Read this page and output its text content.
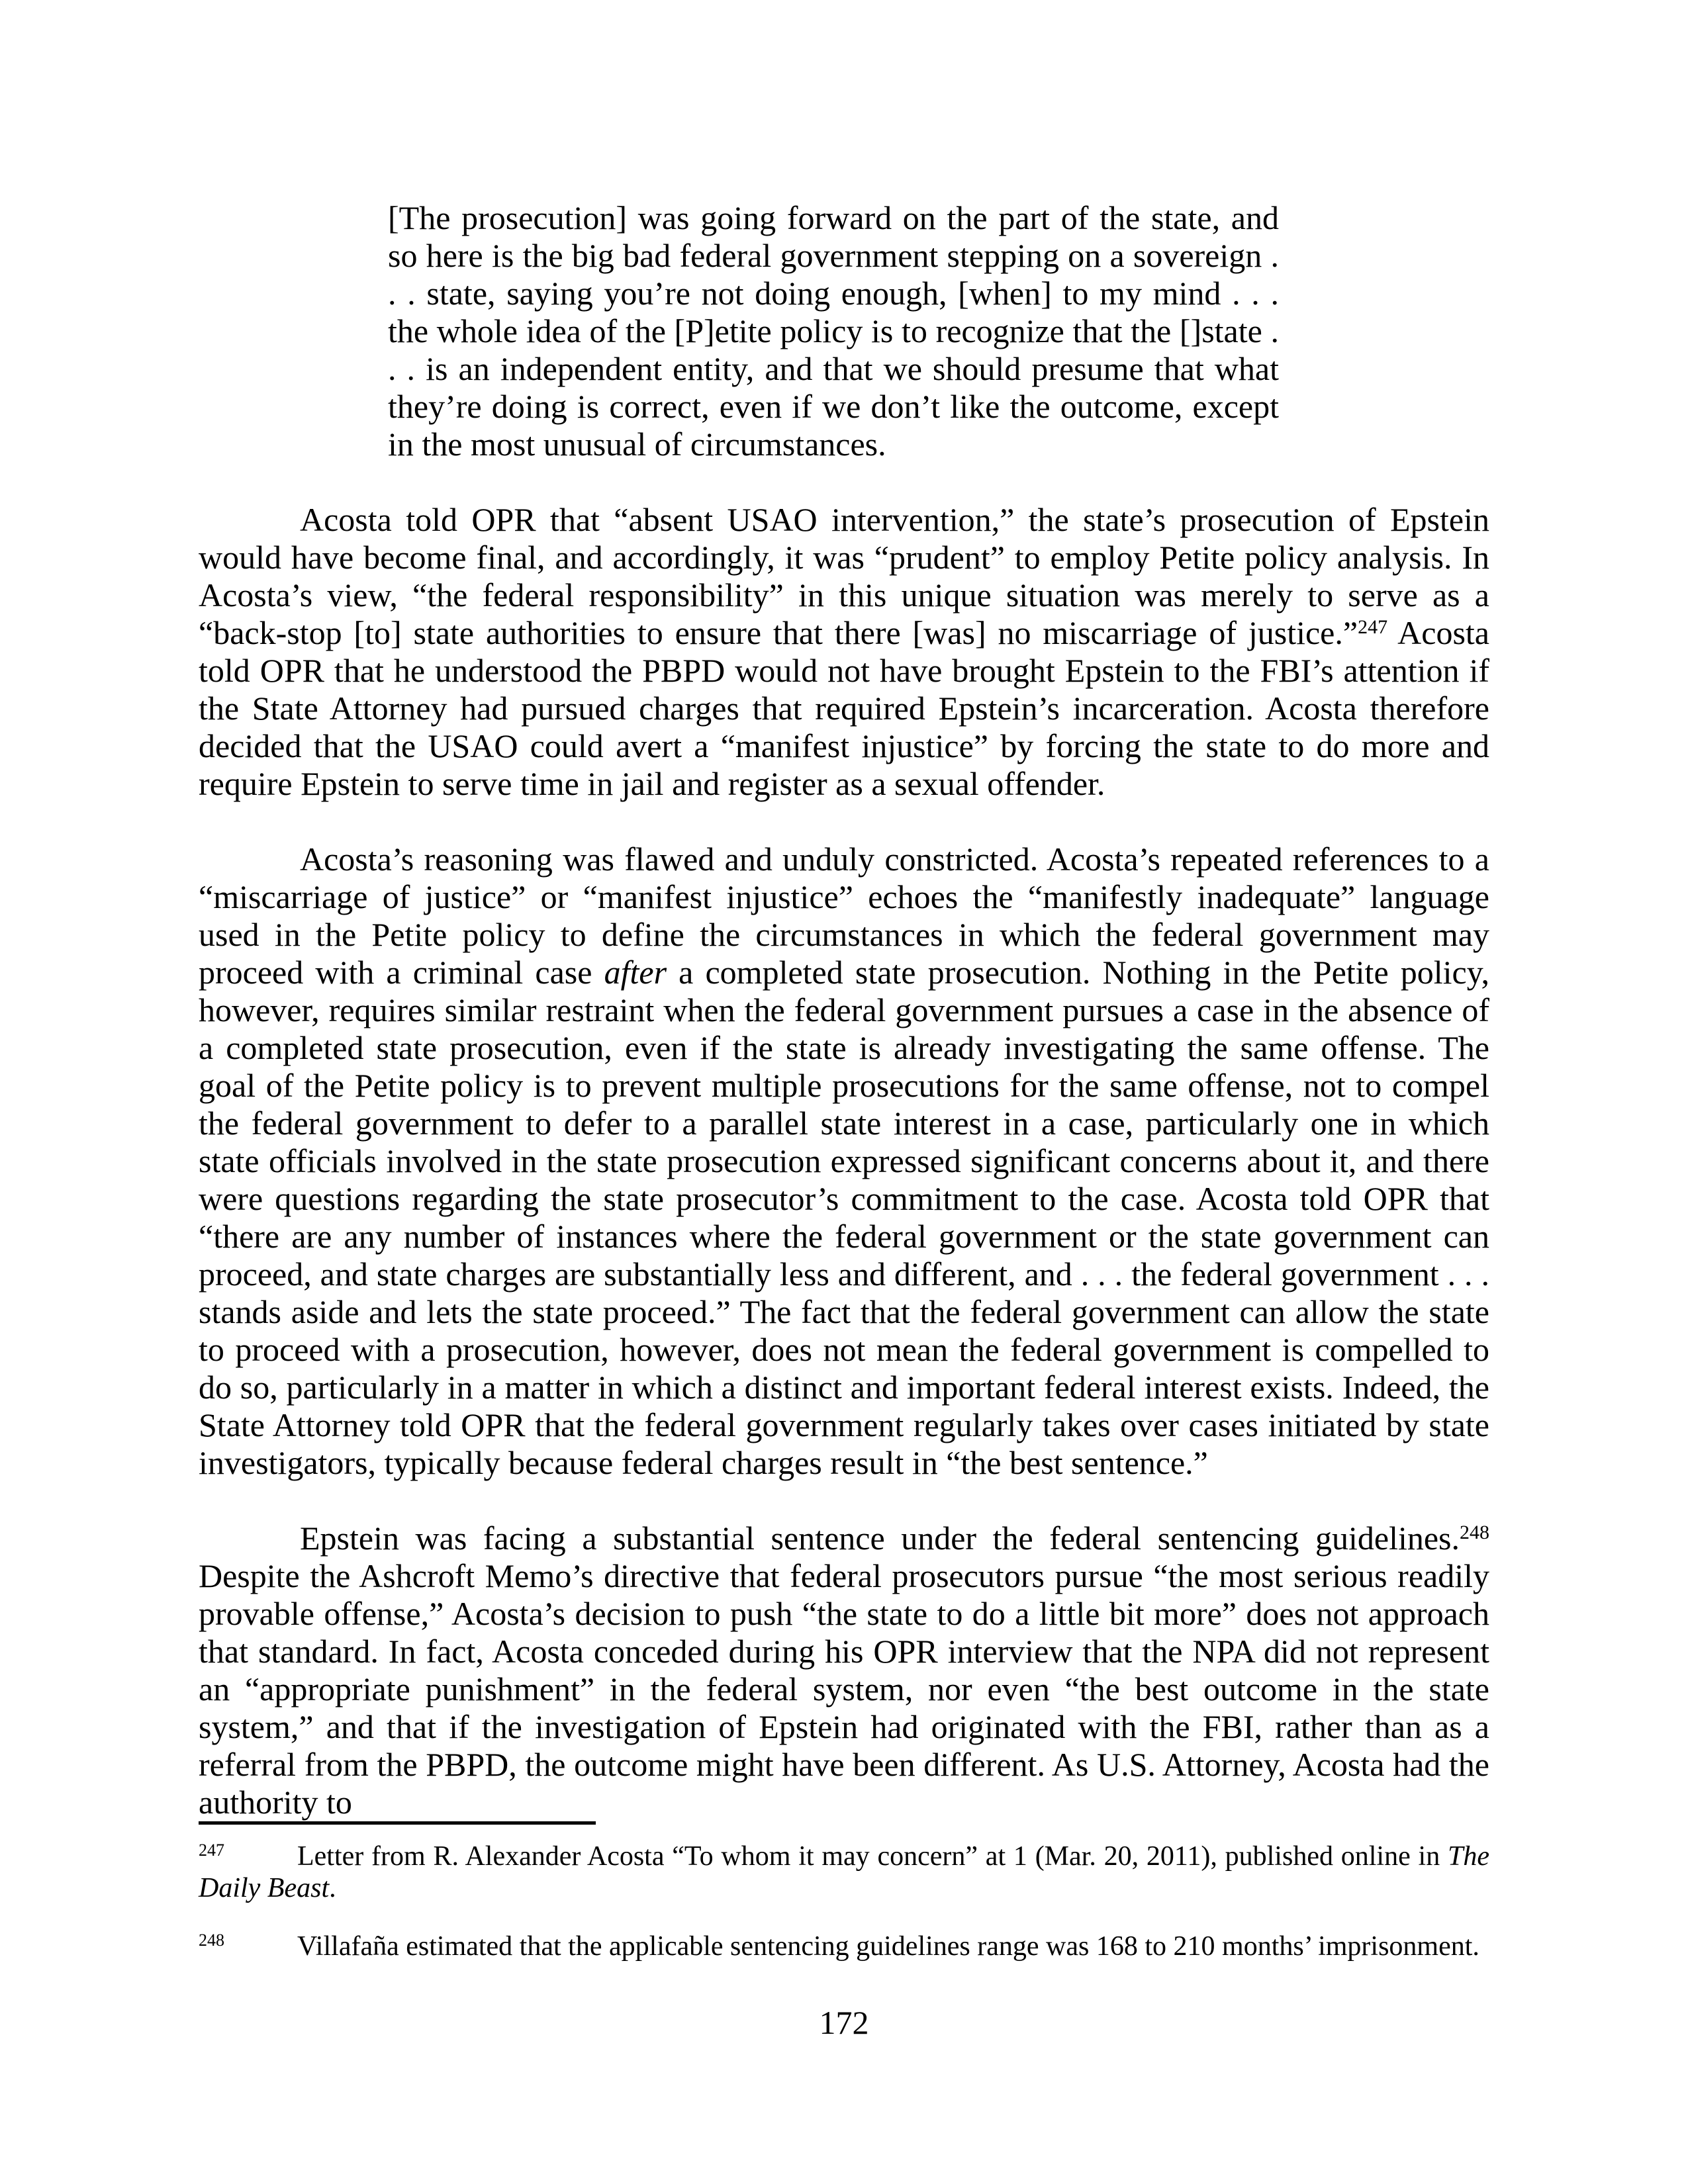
[The prosecution] was going forward on the part of the state, and so here is the big bad federal government stepping on a sovereign . . . state, saying you’re not doing enough, [when] to my mind . . . the whole idea of the [P]etite policy is to recognize that the []state . . . is an independent entity, and that we should presume that what they’re doing is correct, even if we don’t like the outcome, except in the most unusual of circumstances.
Acosta told OPR that “absent USAO intervention,” the state’s prosecution of Epstein would have become final, and accordingly, it was “prudent” to employ Petite policy analysis. In Acosta’s view, “the federal responsibility” in this unique situation was merely to serve as a “back-stop [to] state authorities to ensure that there [was] no miscarriage of justice.”$^{247}$ Acosta told OPR that he understood the PBPD would not have brought Epstein to the FBI’s attention if the State Attorney had pursued charges that required Epstein’s incarceration. Acosta therefore decided that the USAO could avert a “manifest injustice” by forcing the state to do more and require Epstein to serve time in jail and register as a sexual offender.
Acosta’s reasoning was flawed and unduly constricted. Acosta’s repeated references to a “miscarriage of justice” or “manifest injustice” echoes the “manifestly inadequate” language used in the Petite policy to define the circumstances in which the federal government may proceed with a criminal case after a completed state prosecution. Nothing in the Petite policy, however, requires similar restraint when the federal government pursues a case in the absence of a completed state prosecution, even if the state is already investigating the same offense. The goal of the Petite policy is to prevent multiple prosecutions for the same offense, not to compel the federal government to defer to a parallel state interest in a case, particularly one in which state officials involved in the state prosecution expressed significant concerns about it, and there were questions regarding the state prosecutor’s commitment to the case. Acosta told OPR that “there are any number of instances where the federal government or the state government can proceed, and state charges are substantially less and different, and . . . the federal government . . . stands aside and lets the state proceed.” The fact that the federal government can allow the state to proceed with a prosecution, however, does not mean the federal government is compelled to do so, particularly in a matter in which a distinct and important federal interest exists. Indeed, the State Attorney told OPR that the federal government regularly takes over cases initiated by state investigators, typically because federal charges result in “the best sentence.”
Epstein was facing a substantial sentence under the federal sentencing guidelines.$^{248}$ Despite the Ashcroft Memo’s directive that federal prosecutors pursue “the most serious readily provable offense,” Acosta’s decision to push “the state to do a little bit more” does not approach that standard. In fact, Acosta conceded during his OPR interview that the NPA did not represent an “appropriate punishment” in the federal system, nor even “the best outcome in the state system,” and that if the investigation of Epstein had originated with the FBI, rather than as a referral from the PBPD, the outcome might have been different. As U.S. Attorney, Acosta had the authority to
$^{247}$	Letter from R. Alexander Acosta “To whom it may concern” at 1 (Mar. 20, 2011), published online in The Daily Beast.
$^{248}$	Villafaña estimated that the applicable sentencing guidelines range was 168 to 210 months’ imprisonment.
172
